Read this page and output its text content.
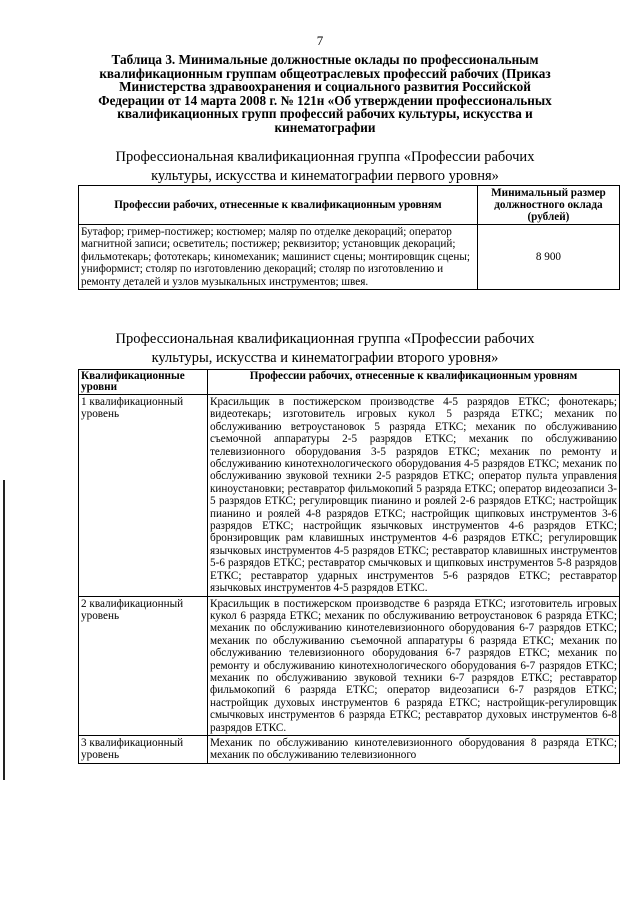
7
Таблица 3. Минимальные должностные оклады по профессиональным квалификационным группам общеотраслевых профессий рабочих (Приказ Министерства здравоохранения и социального развития Российской Федерации от 14 марта 2008 г. № 121н «Об утверждении профессиональных квалификационных групп профессий рабочих культуры, искусства и кинематографии
Профессиональная квалификационная группа «Профессии рабочих культуры, искусства и кинематографии первого уровня»
Профессии рабочих, отнесенные к квалификационным уровням	Минимальный размер должностного оклада (рублей)
Бутафор; гример-постижер; костюмер; маляр по отделке декораций; оператор магнитной записи; осветитель; постижер; реквизитор; установщик декораций; фильмотекарь; фототекарь; киномеханик; машинист сцены; монтировщик сцены; униформист; столяр по изготовлению декораций; столяр по изготовлению и ремонту деталей и узлов музыкальных инструментов; швея.	8 900
Профессиональная квалификационная группа «Профессии рабочих культуры, искусства и кинематографии второго уровня»
Квалификационные уровни	Профессии рабочих, отнесенные к квалификационным уровням
1 квалификационный уровень	Красильщик в постижерском производстве 4-5 разрядов ЕТКС; фонотекарь; видеотекарь; изготовитель игровых кукол 5 разряда ЕТКС; механик по обслуживанию ветроустановок 5 разряда ЕТКС; механик по обслуживанию съемочной аппаратуры 2-5 разрядов ЕТКС; механик по обслуживанию телевизионного оборудования 3-5 разрядов ЕТКС; механик по ремонту и обслуживанию кинотехнологического оборудования 4-5 разрядов ЕТКС; механик по обслуживанию звуковой техники 2-5 разрядов ЕТКС; оператор пульта управления киноустановки; реставратор фильмокопий 5 разряда ЕТКС; оператор видеозаписи 3-5 разрядов ЕТКС; регулировщик пианино и роялей 2-6 разрядов ЕТКС; настройщик пианино и роялей 4-8 разрядов ЕТКС; настройщик щипковых инструментов 3-6 разрядов ЕТКС; настройщик язычковых инструментов 4-6 разрядов ЕТКС; бронзировщик рам клавишных инструментов 4-6 разрядов ЕТКС; регулировщик язычковых инструментов 4-5 разрядов ЕТКС; реставратор клавишных инструментов 5-6 разрядов ЕТКС; реставратор смычковых и щипковых инструментов 5-8 разрядов ЕТКС; реставратор ударных инструментов 5-6 разрядов ЕТКС; реставратор язычковых инструментов 4-5 разрядов ЕТКС.
2 квалификационный уровень	Красильщик в постижерском производстве 6 разряда ЕТКС; изготовитель игровых кукол 6 разряда ЕТКС; механик по обслуживанию ветроустановок 6 разряда ЕТКС; механик по обслуживанию кинотелевизионного оборудования 6-7 разрядов ЕТКС; механик по обслуживанию съемочной аппаратуры 6 разряда ЕТКС; механик по обслуживанию телевизионного оборудования 6-7 разрядов ЕТКС; механик по ремонту и обслуживанию кинотехнологического оборудования 6-7 разрядов ЕТКС; механик по обслуживанию звуковой техники 6-7 разрядов ЕТКС; реставратор фильмокопий 6 разряда ЕТКС; оператор видеозаписи 6-7 разрядов ЕТКС; настройщик духовых инструментов 6 разряда ЕТКС; настройщик-регулировщик смычковых инструментов 6 разряда ЕТКС; реставратор духовых инструментов 6-8 разрядов ЕТКС.
3 квалификационный уровень	Механик по обслуживанию кинотелевизионного оборудования 8 разряда ЕТКС; механик по обслуживанию телевизионного
